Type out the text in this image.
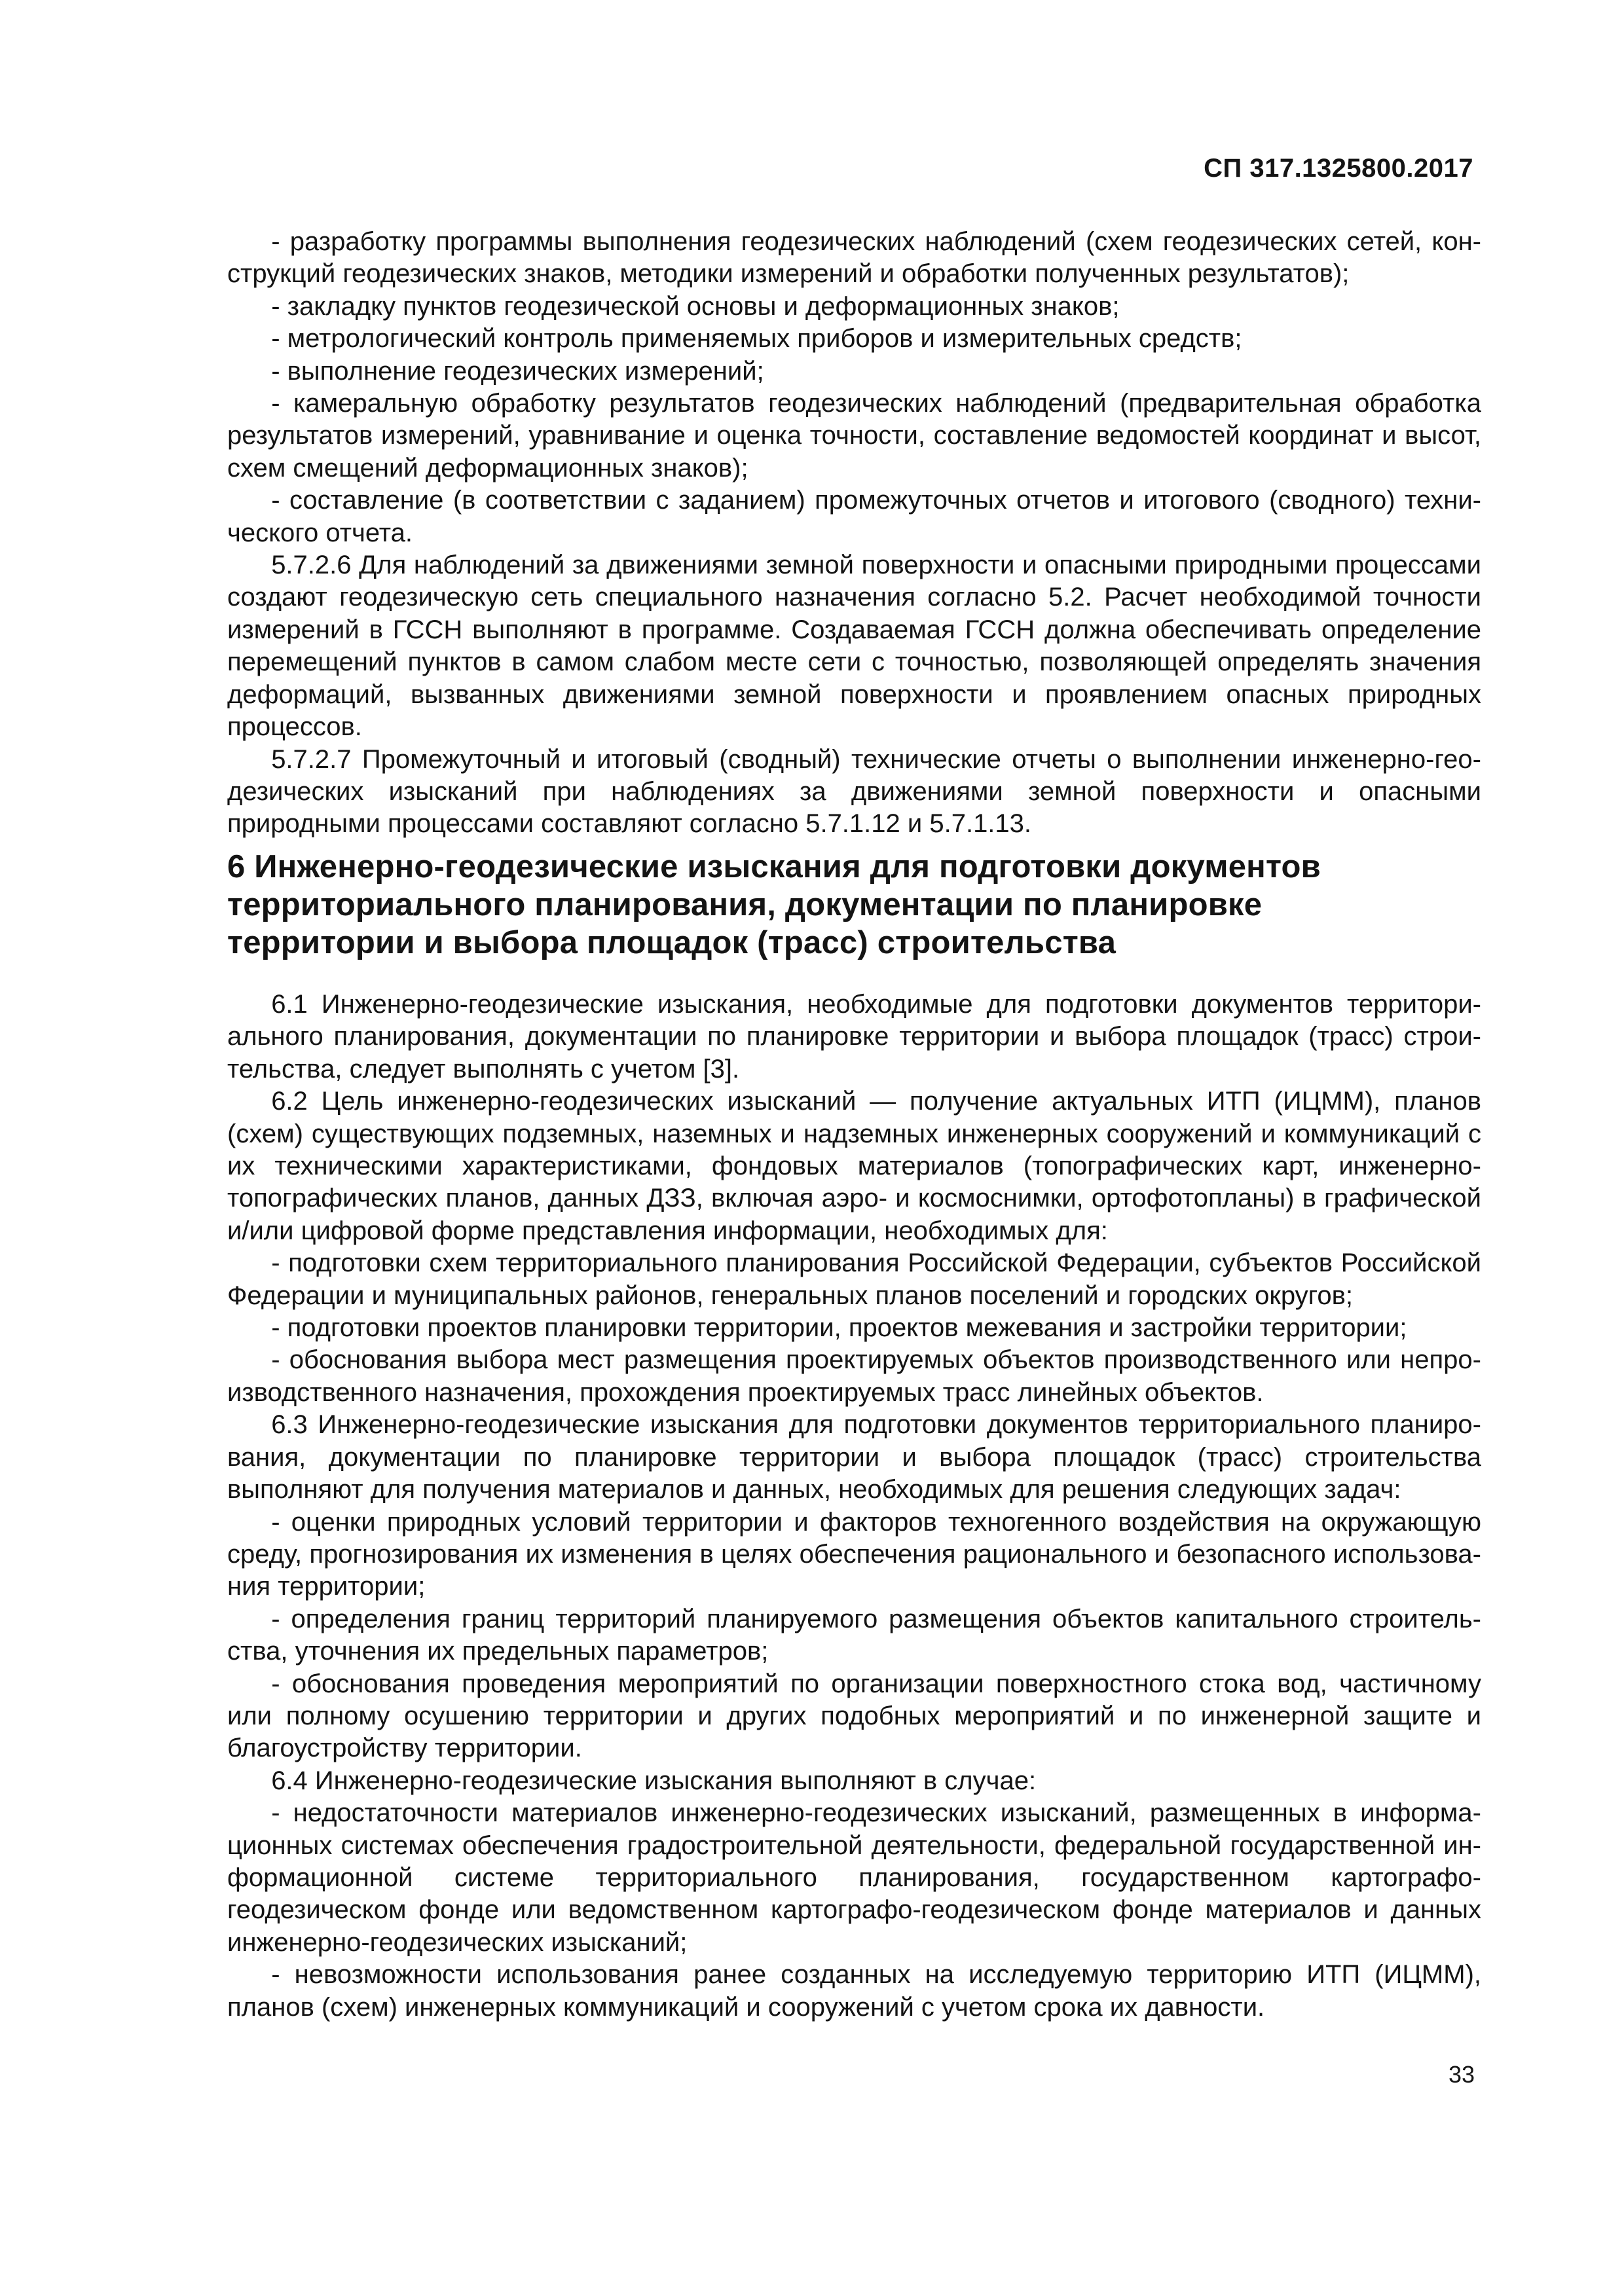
СП 317.1325800.2017

- разработку программы выполнения геодезических наблюдений (схем геодезических сетей, конструкций геодезических знаков, методики измерений и обработки полученных результатов);

- закладку пунктов геодезической основы и деформационных знаков;

- метрологический контроль применяемых приборов и измерительных средств;

- выполнение геодезических измерений;

- камеральную обработку результатов геодезических наблюдений (предварительная обработка результатов измерений, уравнивание и оценка точности, составление ведомостей координат и высот, схем смещений деформационных знаков);

- составление (в соответствии с заданием) промежуточных отчетов и итогового (сводного) технического отчета.

5.7.2.6 Для наблюдений за движениями земной поверхности и опасными природными процессами создают геодезическую сеть специального назначения согласно 5.2. Расчет необходимой точности измерений в ГССН выполняют в программе. Создаваемая ГССН должна обеспечивать определение перемещений пунктов в самом слабом месте сети с точностью, позволяющей определять значения деформаций, вызванных движениями земной поверхности и проявлением опасных природных процессов.

5.7.2.7 Промежуточный и итоговый (сводный) технические отчеты о выполнении инженерно-геодезических изысканий при наблюдениях за движениями земной поверхности и опасными природными процессами составляют согласно 5.7.1.12 и 5.7.1.13.

6 Инженерно-геодезические изыскания для подготовки документов
территориального планирования, документации по планировке
территории и выбора площадок (трасс) строительства

6.1 Инженерно-геодезические изыскания, необходимые для подготовки документов территориального планирования, документации по планировке территории и выбора площадок (трасс) строительства, следует выполнять с учетом [3].

6.2 Цель инженерно-геодезических изысканий — получение актуальных ИТП (ИЦММ), планов (схем) существующих подземных, наземных и надземных инженерных сооружений и коммуникаций с их техническими характеристиками, фондовых материалов (топографических карт, инженерно-топографических планов, данных ДЗЗ, включая аэро- и космоснимки, ортофотопланы) в графической и/или цифровой форме представления информации, необходимых для:

- подготовки схем территориального планирования Российской Федерации, субъектов Российской Федерации и муниципальных районов, генеральных планов поселений и городских округов;

- подготовки проектов планировки территории, проектов межевания и застройки территории;

- обоснования выбора мест размещения проектируемых объектов производственного или непроизводственного назначения, прохождения проектируемых трасс линейных объектов.

6.3 Инженерно-геодезические изыскания для подготовки документов территориального планирования, документации по планировке территории и выбора площадок (трасс) строительства выполняют для получения материалов и данных, необходимых для решения следующих задач:

- оценки природных условий территории и факторов техногенного воздействия на окружающую среду, прогнозирования их изменения в целях обеспечения рационального и безопасного использования территории;

- определения границ территорий планируемого размещения объектов капитального строительства, уточнения их предельных параметров;

- обоснования проведения мероприятий по организации поверхностного стока вод, частичному или полному осушению территории и других подобных мероприятий и по инженерной защите и благоустройству территории.

6.4 Инженерно-геодезические изыскания выполняют в случае:

- недостаточности материалов инженерно-геодезических изысканий, размещенных в информационных системах обеспечения градостроительной деятельности, федеральной государственной информационной системе территориального планирования, государственном картографо-геодезическом фонде или ведомственном картографо-геодезическом фонде материалов и данных инженерно-геодезических изысканий;

- невозможности использования ранее созданных на исследуемую территорию ИТП (ИЦММ), планов (схем) инженерных коммуникаций и сооружений с учетом срока их давности.

33
